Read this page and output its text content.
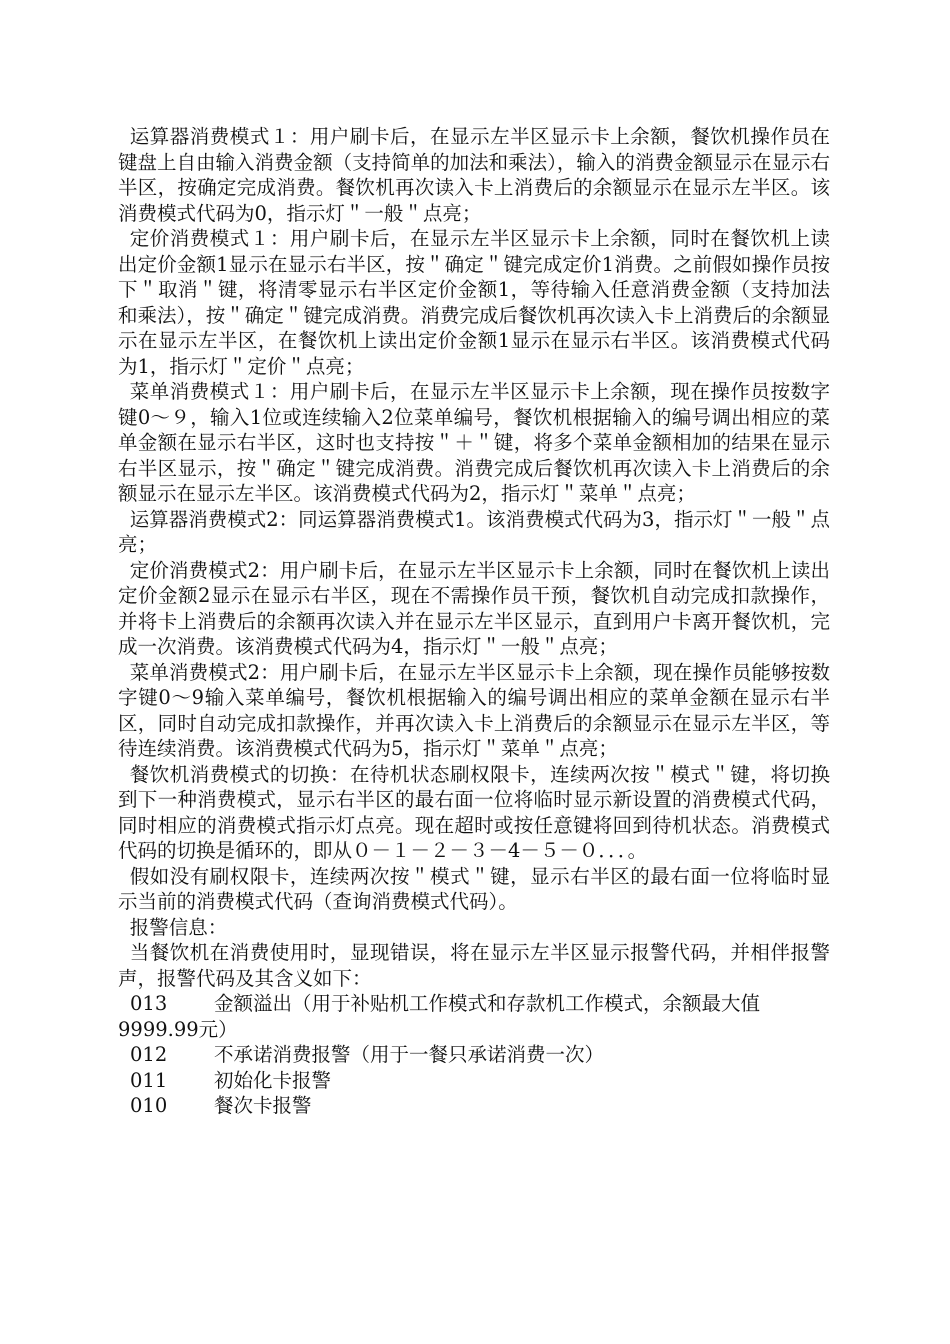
运算器消费模式１：用户刷卡后，在显示左半区显示卡上余额，餐饮机操作员在键盘上自由输入消费金额（支持简单的加法和乘法），输入的消费金额显示在显示右半区，按确定完成消费。餐饮机再次读入卡上消费后的余额显示在显示左半区。该消费模式代码为0，指示灯＂一般＂点亮；

定价消费模式１：用户刷卡后，在显示左半区显示卡上余额，同时在餐饮机上读出定价金额1显示在显示右半区，按＂确定＂键完成定价1消费。之前假如操作员按下＂取消＂键，将清零显示右半区定价金额1，等待输入任意消费金额（支持加法和乘法），按＂确定＂键完成消费。消费完成后餐饮机再次读入卡上消费后的余额显示在显示左半区，在餐饮机上读出定价金额1显示在显示右半区。该消费模式代码为1，指示灯＂定价＂点亮；

菜单消费模式１：用户刷卡后，在显示左半区显示卡上余额，现在操作员按数字键0～９，输入1位或连续输入2位菜单编号，餐饮机根据输入的编号调出相应的菜单金额在显示右半区，这时也支持按＂＋＂键，将多个菜单金额相加的结果在显示右半区显示，按＂确定＂键完成消费。消费完成后餐饮机再次读入卡上消费后的余额显示在显示左半区。该消费模式代码为2，指示灯＂菜单＂点亮；

运算器消费模式2：同运算器消费模式1。该消费模式代码为3，指示灯＂一般＂点亮；

定价消费模式2：用户刷卡后，在显示左半区显示卡上余额，同时在餐饮机上读出定价金额2显示在显示右半区，现在不需操作员干预，餐饮机自动完成扣款操作，并将卡上消费后的余额再次读入并在显示左半区显示，直到用户卡离开餐饮机，完成一次消费。该消费模式代码为4，指示灯＂一般＂点亮；

菜单消费模式2：用户刷卡后，在显示左半区显示卡上余额，现在操作员能够按数字键0～9输入菜单编号，餐饮机根据输入的编号调出相应的菜单金额在显示右半区，同时自动完成扣款操作，并再次读入卡上消费后的余额显示在显示左半区，等待连续消费。该消费模式代码为5，指示灯＂菜单＂点亮；

餐饮机消费模式的切换：在待机状态刷权限卡，连续两次按＂模式＂键，将切换到下一种消费模式，显示右半区的最右面一位将临时显示新设置的消费模式代码，同时相应的消费模式指示灯点亮。现在超时或按任意键将回到待机状态。消费模式代码的切换是循环的，即从０－１－２－３－4－５－０．．．。

假如没有刷权限卡，连续两次按＂模式＂键，显示右半区的最右面一位将临时显示当前的消费模式代码（查询消费模式代码）。

报警信息：

当餐饮机在消费使用时，显现错误，将在显示左半区显示报警代码，并相伴报警声，报警代码及其含义如下：

013 金额溢出（用于补贴机工作模式和存款机工作模式，余额最大值9999.99元）
012	不承诺消费报警（用于一餐只承诺消费一次）
011	初始化卡报警
010	餐次卡报警
